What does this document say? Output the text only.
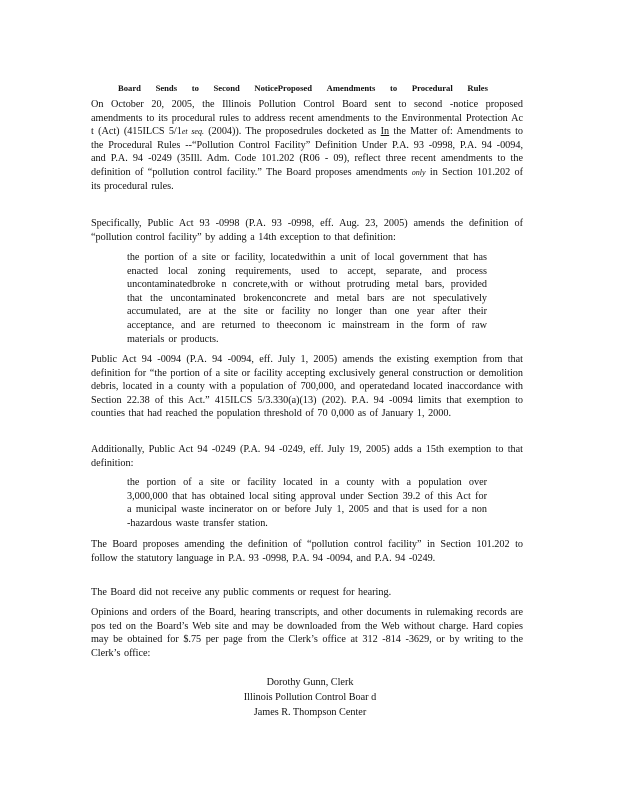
Board Sends to Second NoticeProposed Amendments to Procedural Rules
On October 20, 2005, the Illinois Pollution Control Board sent to second -notice proposed amendments to its procedural rules to address recent amendments to the Environmental Protection Ac t (Act) (415ILCS 5/1et seq. (2004)). The proposedrules docketed as In the Matter of: Amendments to the Procedural Rules --“Pollution Control Facility” Definition Under P.A. 93 -0998, P.A. 94 -0094, and P.A. 94 -0249 (35Ill. Adm. Code 101.202 (R06 - 09), reflect three recent amendments to the definition of “pollution control facility.” The Board proposes amendments only in Section 101.202 of its procedural rules.
Specifically, Public Act 93 -0998 (P.A. 93 -0998, eff. Aug. 23, 2005) amends the definition of “pollution control facility” by adding a 14th exception to that definition:
the portion of a site or facility, locatedwithin a unit of local government that has enacted local zoning requirements, used to accept, separate, and process uncontaminatedbroke n concrete,with or without protruding metal bars, provided that the uncontaminated brokenconcrete and metal bars are not speculatively accumulated, are at the site or facility no longer than one year after their acceptance, and are returned to theeconom ic mainstream in the form of raw materials or products.
Public Act 94 -0094 (P.A. 94 -0094, eff. July 1, 2005) amends the existing exemption from that definition for “the portion of a site or facility accepting exclusively general construction or demolition debris, located in a county with a population of 700,000, and operatedand located inaccordance with Section 22.38 of this Act.” 415ILCS 5/3.330(a)(13) (202). P.A. 94 -0094 limits that exemption to counties that had reached the population threshold of 70 0,000 as of January 1, 2000.
Additionally, Public Act 94 -0249 (P.A. 94 -0249, eff. July 19, 2005) adds a 15th exemption to that definition:
the portion of a site or facility located in a county with a population over 3,000,000 that has obtained local siting approval under Section 39.2 of this Act for a municipal waste incinerator on or before July 1, 2005 and that is used for a non -hazardous waste transfer station.
The Board proposes amending the definition of “pollution control facility” in Section 101.202 to follow the statutory language in P.A. 93 -0998, P.A. 94 -0094, and P.A. 94 -0249.
The Board did not receive any public comments or request for hearing.
Opinions and orders of the Board, hearing transcripts, and other documents in rulemaking records are pos ted on the Board’s Web site and may be downloaded from the Web without charge. Hard copies may be obtained for $.75 per page from the Clerk’s office at 312 -814 -3629, or by writing to the Clerk’s office:
Dorothy Gunn, Clerk
Illinois Pollution Control Boar d
James R. Thompson Center
